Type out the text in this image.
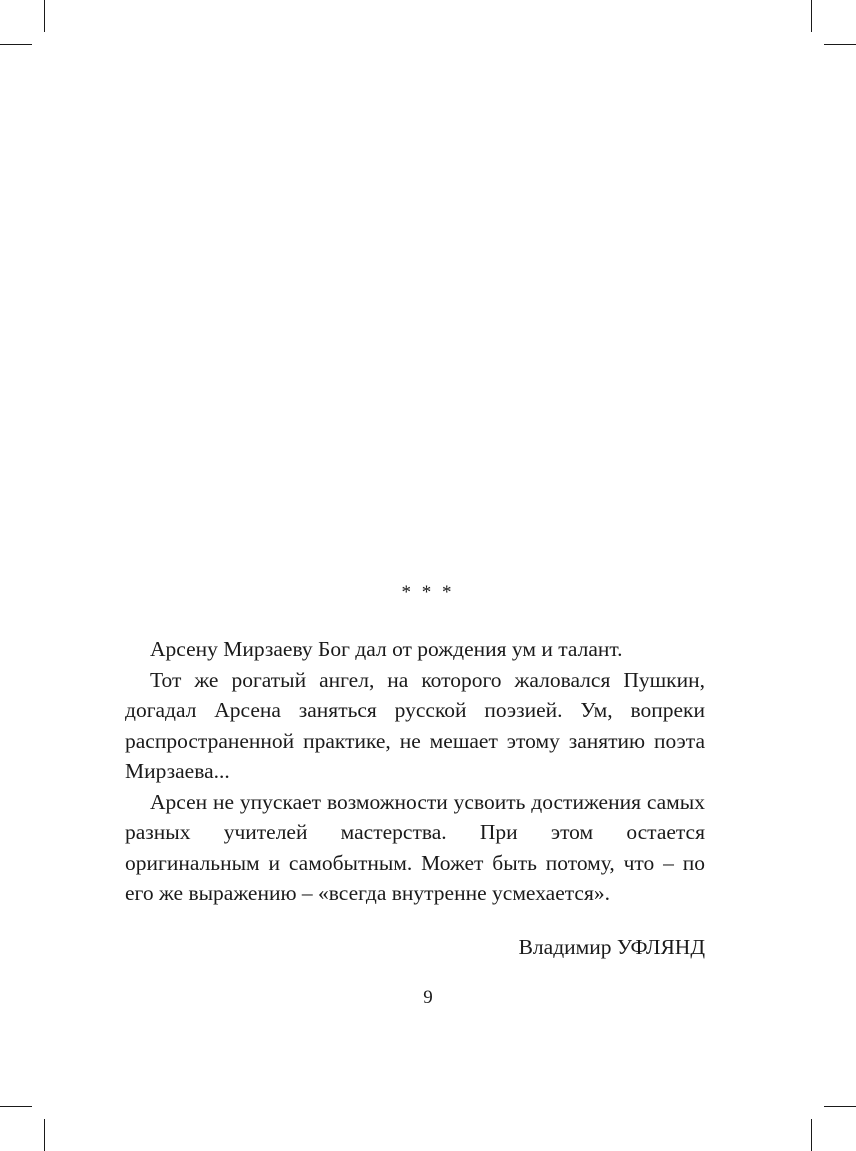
* * *

Арсену Мирзаеву Бог дал от рождения ум и талант.

Тот же рогатый ангел, на которого жаловался Пушкин, догадал Арсена заняться русской поэзией. Ум, вопреки распространенной практике, не мешает этому занятию поэта Мирзаева...

Арсен не упускает возможности усвоить достижения самых разных учителей мастерства. При этом остается оригинальным и самобытным. Может быть потому, что – по его же выражению – «всегда внутренне усмехается».

Владимир УФЛЯНД
9
